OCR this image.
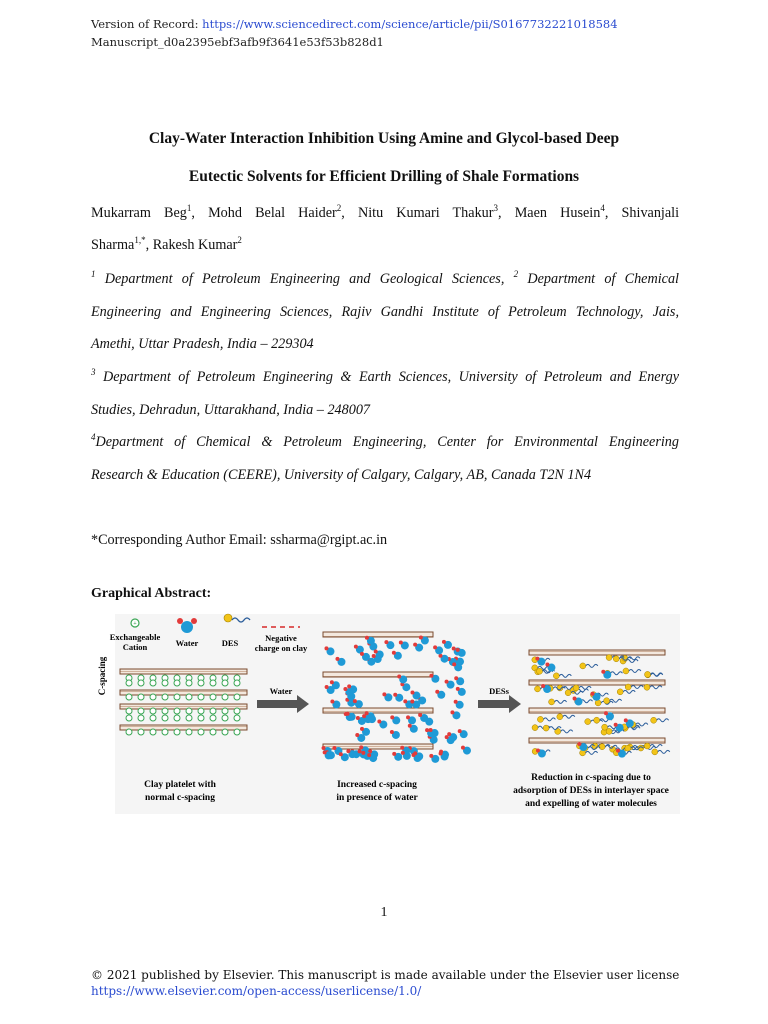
Version of Record: https://www.sciencedirect.com/science/article/pii/S0167732221018584
Manuscript_d0a2395ebf3afb9f3641e53f53b828d1
Clay-Water Interaction Inhibition Using Amine and Glycol-based Deep
Eutectic Solvents for Efficient Drilling of Shale Formations
Mukarram Beg$^1$, Mohd Belal Haider$^2$, Nitu Kumari Thakur$^3$, Maen Husein$^4$, Shivanjali
Sharma$^{1,*}$, Rakesh Kumar$^2$
$^1$ Department of Petroleum Engineering and Geological Sciences, $^2$ Department of Chemical
Engineering and Engineering Sciences, Rajiv Gandhi Institute of Petroleum Technology, Jais,
Amethi, Uttar Pradesh, India – 229304
$^3$ Department of Petroleum Engineering & Earth Sciences, University of Petroleum and Energy
Studies, Dehradun, Uttarakhand, India – 248007
$^4$Department of Chemical & Petroleum Engineering, Center for Environmental Engineering
Research & Education (CEERE), University of Calgary, Calgary, AB, Canada T2N 1N4
*Corresponding Author Email: ssharma@rgipt.ac.in
Graphical Abstract:
+
Exchangeable
Cation	Water	DES	Negative
charge on clay
C-spacing	Water	DESs
Clay platelet with
normal c-spacing
Increased c-spacing
in presence of water
Reduction in c-spacing due to
adsorption of DESs in interlayer space
and expelling of water molecules
1
© 2021 published by Elsevier. This manuscript is made available under the Elsevier user license
https://www.elsevier.com/open-access/userlicense/1.0/
